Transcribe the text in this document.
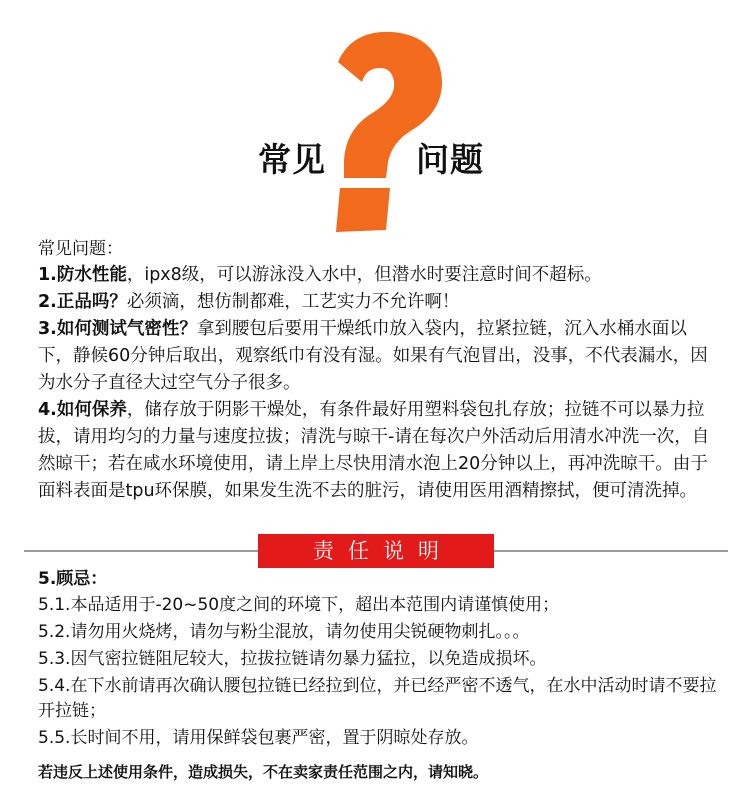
常见	问题
常见问题：
1.防水性能，ipx8级，可以游泳没入水中，但潜水时要注意时间不超标。
2.正品吗？必须滴，想仿制都难，工艺实力不允许啊！
3.如何测试气密性？拿到腰包后要用干燥纸巾放入袋内，拉紧拉链，沉入水桶水面以下，静候60分钟后取出，观察纸巾有没有湿。如果有气泡冒出，没事，不代表漏水，因为水分子直径大过空气分子很多。
4.如何保养，储存放于阴影干燥处，有条件最好用塑料袋包扎存放；拉链不可以暴力拉拔，请用均匀的力量与速度拉拔；清洗与晾干-请在每次户外活动后用清水冲洗一次，自然晾干；若在咸水环境使用，请上岸上尽快用清水泡上20分钟以上，再冲洗晾干。由于面料表面是tpu环保膜，如果发生洗不去的脏污，请使用医用酒精擦拭，便可清洗掉。
责任说明
5.顾忌：
5.1.本品适用于-20~50度之间的环境下，超出本范围内请谨慎使用；
5.2.请勿用火烧烤，请勿与粉尘混放，请勿使用尖锐硬物刺扎。。。
5.3.因气密拉链阻尼较大，拉拔拉链请勿暴力猛拉，以免造成损坏。
5.4.在下水前请再次确认腰包拉链已经拉到位，并已经严密不透气，在水中活动时请不要拉开拉链；
5.5.长时间不用，请用保鲜袋包裹严密，置于阴晾处存放。
若违反上述使用条件，造成损失，不在卖家责任范围之内，请知晓。
